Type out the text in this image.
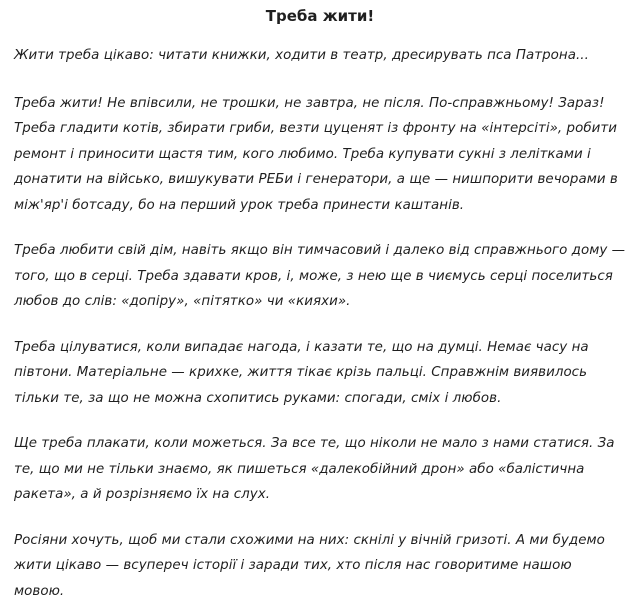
Треба жити!

Жити треба цікаво: читати книжки, ходити в театр, дресирувать пса Патрона...

Треба жити! Не впівсили, не трошки, не завтра, не після. По-справжньому! Зараз! Треба гладити котів, збирати гриби, везти цуценят із фронту на «інтерсіті», робити ремонт і приносити щастя тим, кого любимо. Треба купувати сукні з лелітками і донатити на військо, вишукувати РЕБи і генератори, а ще — нишпорити вечорами в між'яр'і ботсаду, бо на перший урок треба принести каштанів.

Треба любити свій дім, навіть якщо він тимчасовий і далеко від справжнього дому — того, що в серці. Треба здавати кров, і, може, з нею ще в чиємусь серці поселиться любов до слів: «допіру», «пітятко» чи «кияхи».

Треба цілуватися, коли випадає нагода, і казати те, що на думці. Немає часу на півтони. Матеріальне — крихке, життя тікає крізь пальці. Справжнім виявилось тільки те, за що не можна схопитись руками: спогади, сміх і любов.

Ще треба плакати, коли можеться. За все те, що ніколи не мало з нами статися. За те, що ми не тільки знаємо, як пишеться «далекобійний дрон» або «балістична ракета», а й розрізняємо їх на слух.

Росіяни хочуть, щоб ми стали схожими на них: скнілі у вічній гризоті. А ми будемо жити цікаво — всупереч історії і заради тих, хто після нас говоритиме нашою мовою.
